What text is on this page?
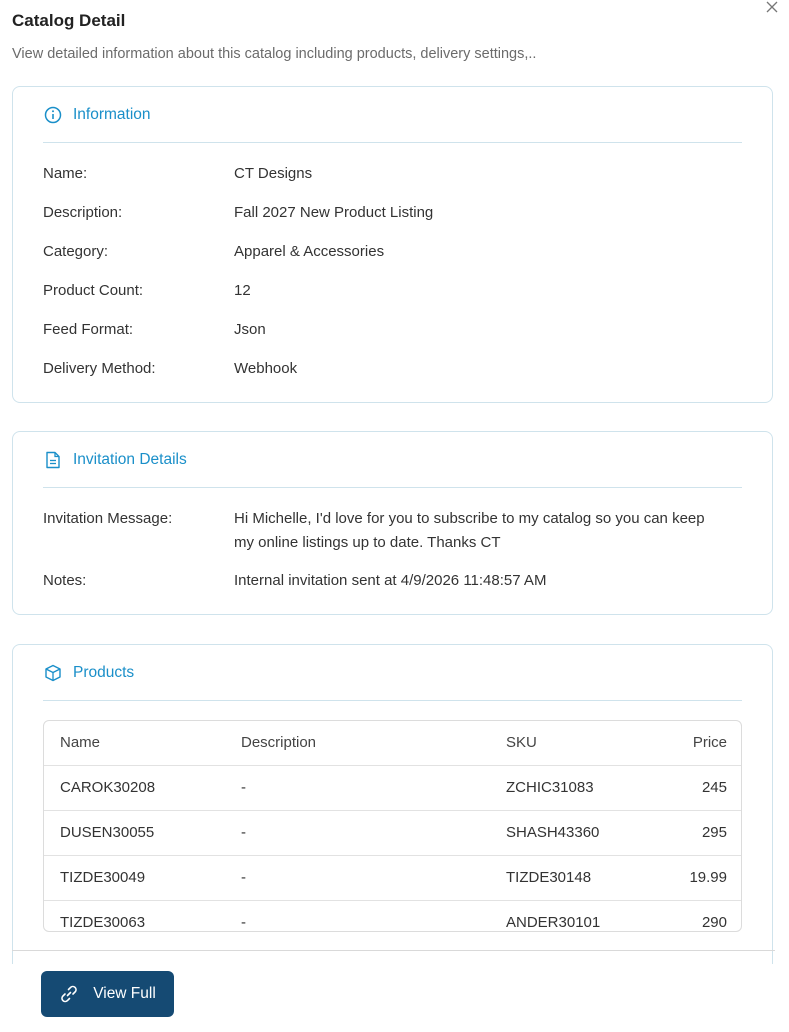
Catalog Detail
View detailed information about this catalog including products, delivery settings,..
Information
Name:	CT Designs
Description:	Fall 2027 New Product Listing
Category:	Apparel & Accessories
Product Count:	12
Feed Format:	Json
Delivery Method:	Webhook
Invitation Details
Invitation Message:	Hi Michelle, I'd love for you to subscribe to my catalog so you can keep
my online listings up to date. Thanks CT
Notes:	Internal invitation sent at 4/9/2026 11:48:57 AM
Products
Name	Description	SKU	Price
CAROK30208	-	ZCHIC31083	245
DUSEN30055	-	SHASH43360	295
TIZDE30049	-	TIZDE30148	19.99
TIZDE30063	-	ANDER30101	290
View Full
